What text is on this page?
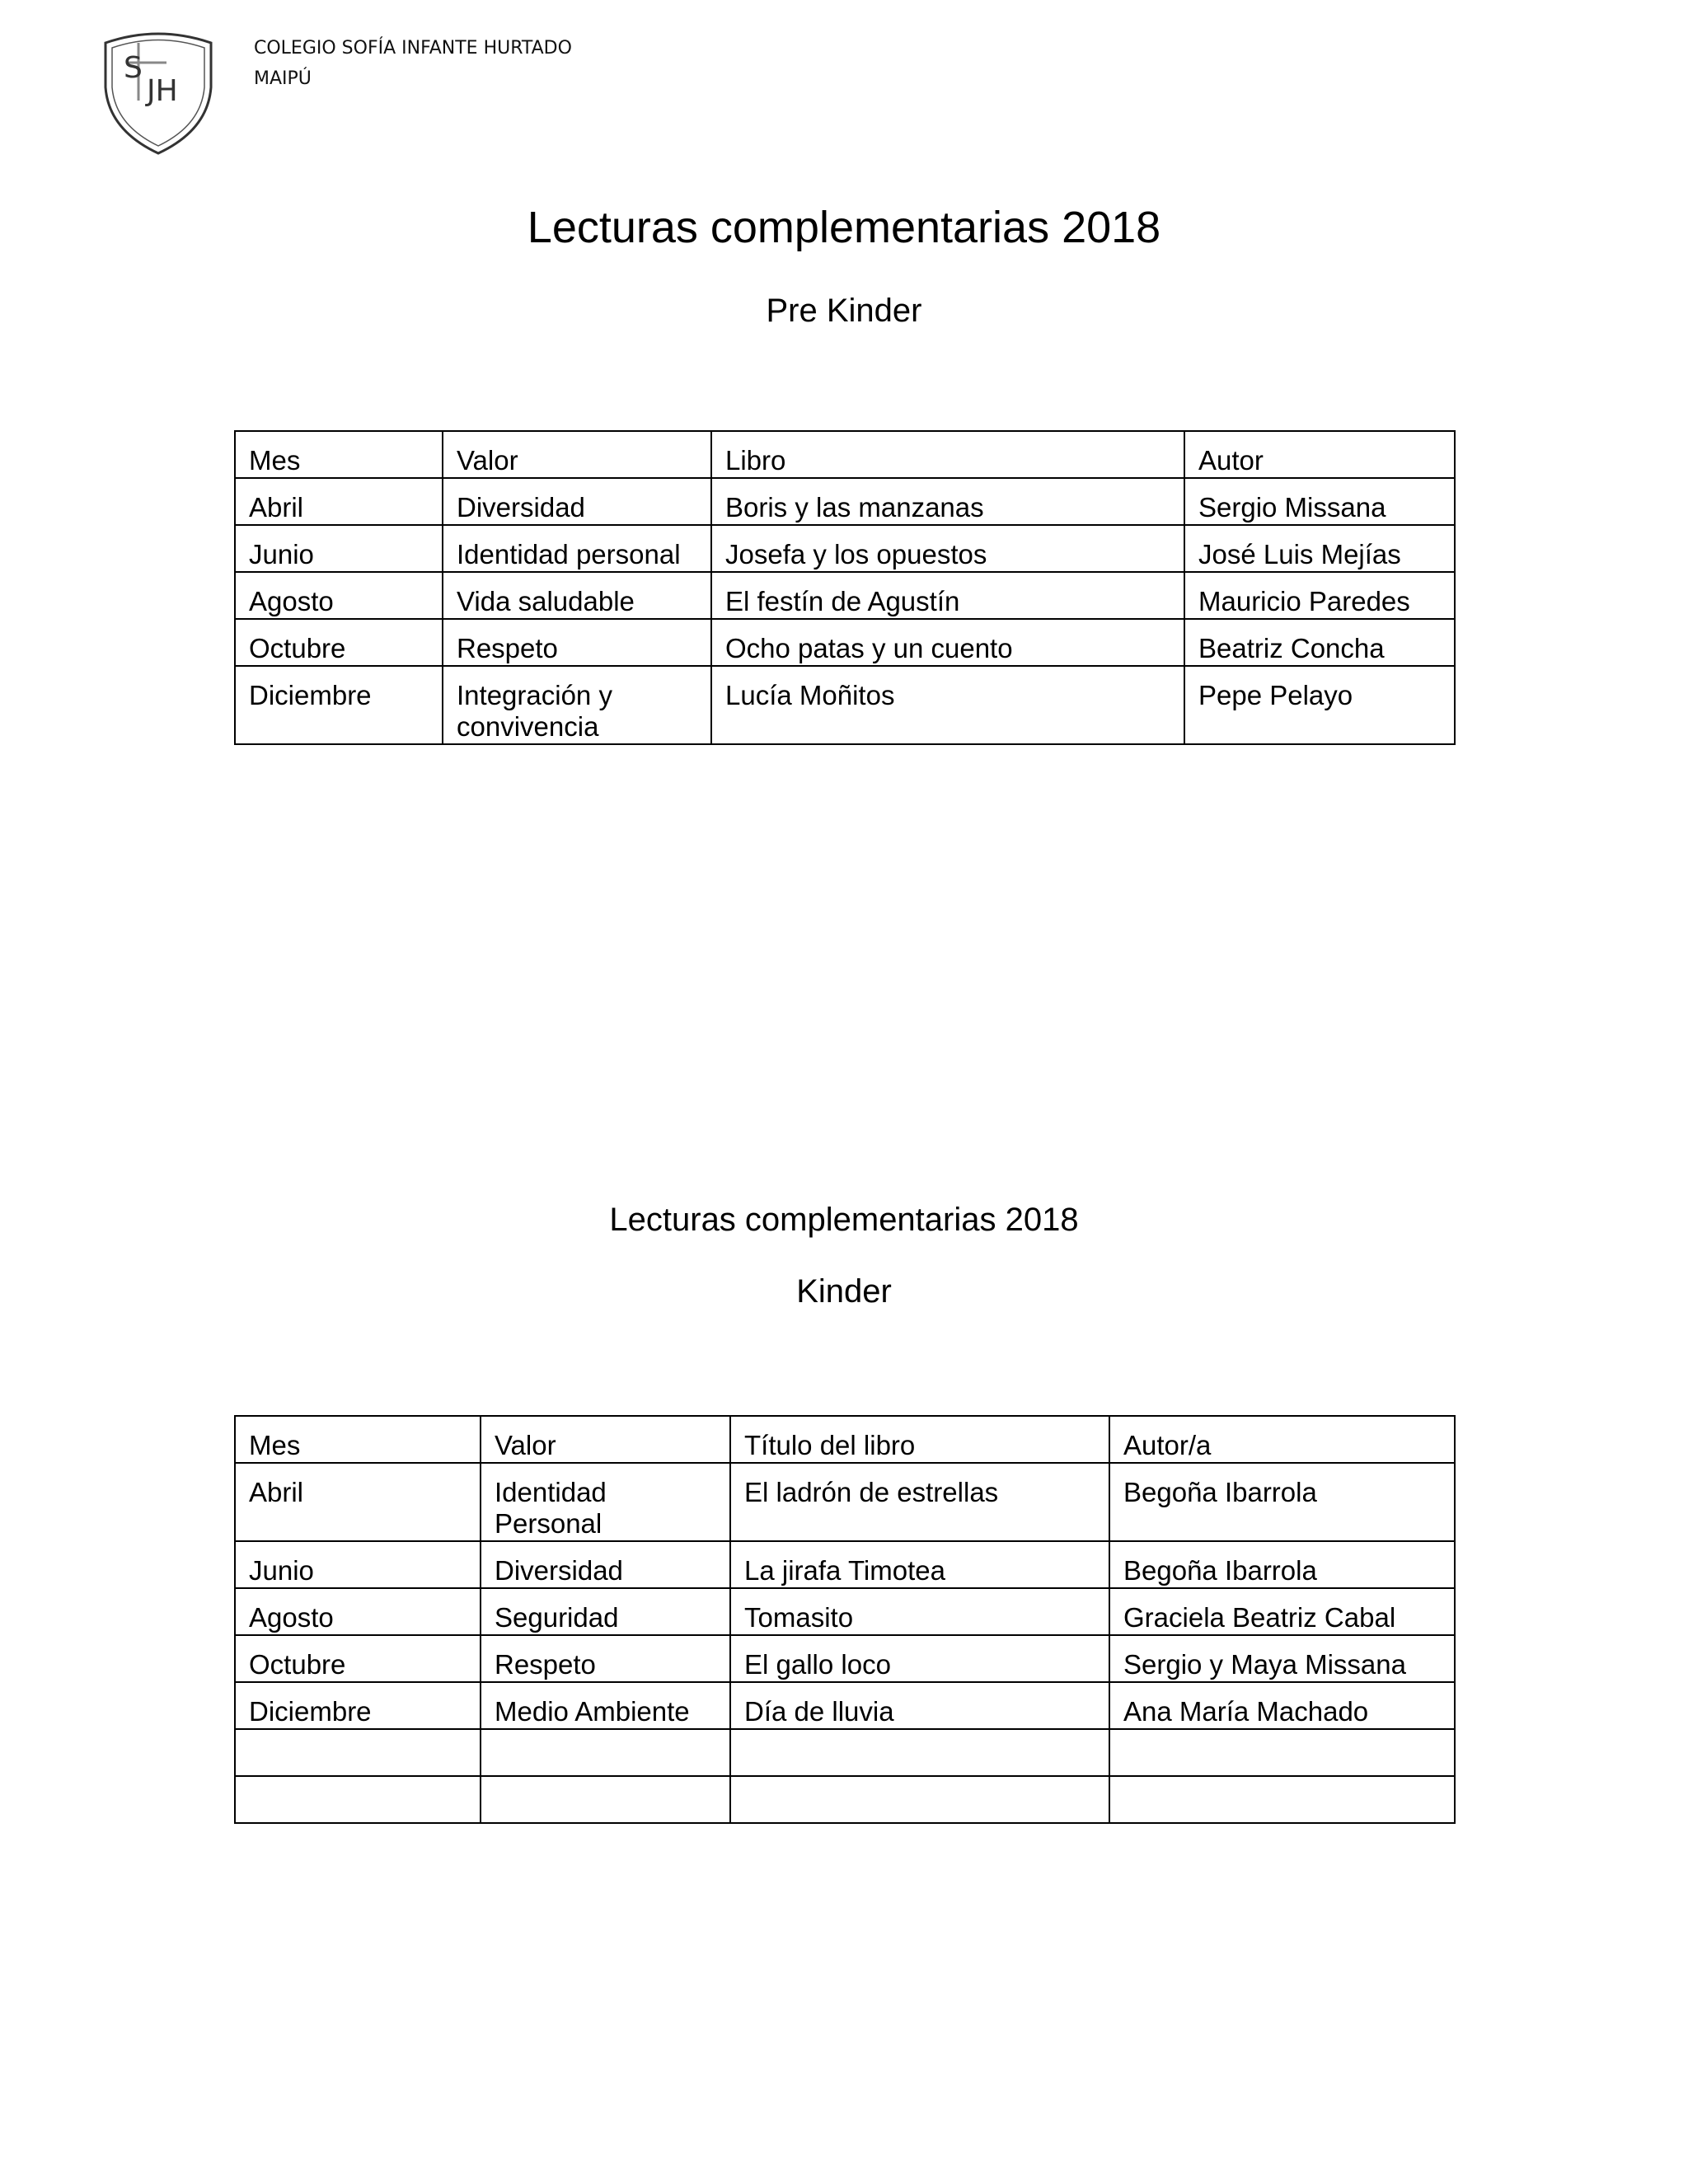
S
JH
COLEGIO SOFÍA INFANTE HURTADO
MAIPÚ
Lecturas complementarias 2018
Pre Kinder
Mes	Valor	Libro	Autor
Abril	Diversidad	Boris y las manzanas	Sergio Missana
Junio	Identidad personal	Josefa y los opuestos	José Luis Mejías
Agosto	Vida saludable	El festín de Agustín	Mauricio Paredes
Octubre	Respeto	Ocho patas y un cuento	Beatriz Concha
Diciembre	Integración y convivencia	Lucía Moñitos	Pepe Pelayo
Lecturas complementarias 2018
Kinder
Mes	Valor	Título del libro	Autor/a
Abril	Identidad Personal	El ladrón de estrellas	Begoña Ibarrola
Junio	Diversidad	La jirafa Timotea	Begoña Ibarrola
Agosto	Seguridad	Tomasito	Graciela Beatriz Cabal
Octubre	Respeto	El gallo loco	Sergio y Maya Missana
Diciembre	Medio Ambiente	Día de lluvia	Ana María Machado
